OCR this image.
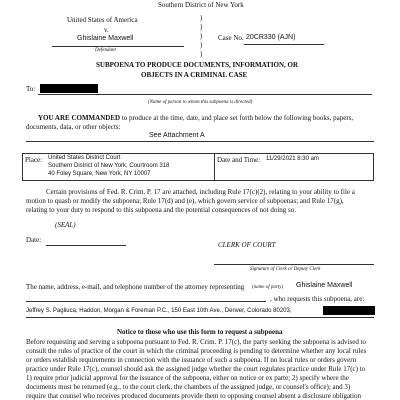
Southern District of New York
United States of America
v.
Ghislaine Maxwell
Defendant
)
)
)
)
)
Case No. 20CR330 (AJN)
SUBPOENA TO PRODUCE DOCUMENTS, INFORMATION, OR
OBJECTS IN A CRIMINAL CASE
To:
(Name of person to whom this subpoena is directed)
YOU ARE COMMANDED to produce at the time, date, and place set forth below the following books, papers,
documents, data, or other objects:
See Attachment A
Place: United States District Court
Southern District of New York, Courtroom 318
40 Foley Square, New York, NY 10007
Date and Time: 11/29/2021 8:30 am
Certain provisions of Fed. R. Crim. P. 17 are attached, including Rule 17(c)(2), relating to your ability to file a
motion to quash or modify the subpoena; Rule 17(d) and (e), which govern service of subpoenas; and Rule 17(g),
relating to your duty to respond to this subpoena and the potential consequences of not doing so.
(SEAL)
Date:
CLERK OF COURT
Signature of Clerk or Deputy Clerk
The name, address, e-mail, and telephone number of the attorney representing (name of party) Ghislaine Maxwell
, who requests this subpoena, are:
Jeffrey S. Pagliuca, Haddon, Morgan & Foreman P.C., 150 East 10th Ave., Denver, Colorado 80203,
Notice to those who use this form to request a subpoena
Before requesting and serving a subpoena pursuant to Fed. R. Crim. P. 17(c), the party seeking the subpoena is advised to
consult the rules of practice of the court in which the criminal proceeding is pending to determine whether any local rules
or orders establish requirements in connection with the issuance of such a subpoena. If no local rules or orders govern
practice under Rule 17(c), counsel should ask the assigned judge whether the court regulates practice under Rule 17(c) to
1) require prior judicial approval for the issuance of the subpoena, either on notice or ex parte; 2) specify where the
documents must be returned (e.g., to the court clerk, the chambers of the assigned judge, or counsel's office); and 3)
require that counsel who receives produced documents provide them to opposing counsel absent a disclosure obligation
